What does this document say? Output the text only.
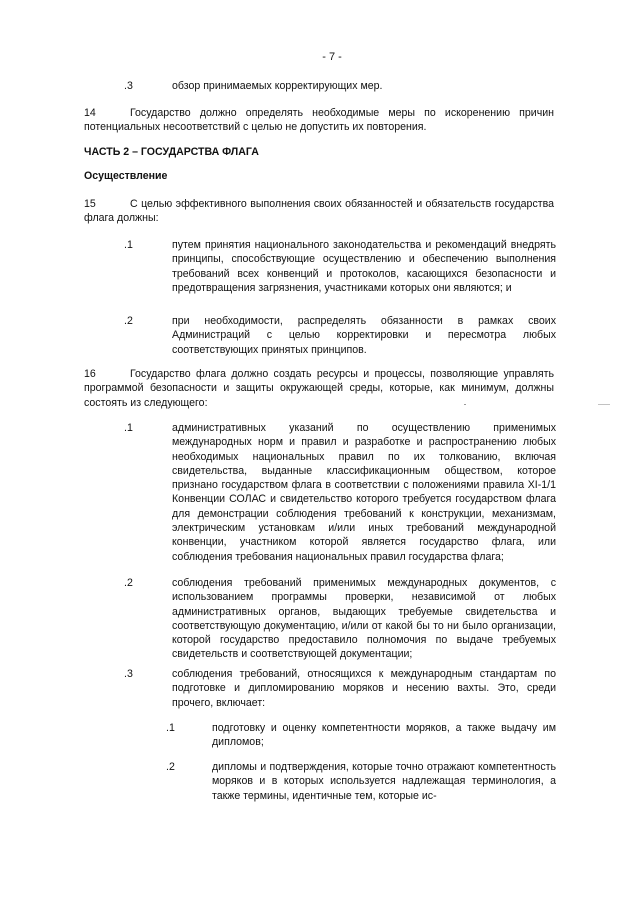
- 7 -
.3	обзор принимаемых корректирующих мер.
14	Государство должно определять необходимые меры по искоренению причин потенциальных несоответствий с целью не допустить их повторения.
ЧАСТЬ 2 – ГОСУДАРСТВА ФЛАГА
Осуществление
15	С целью эффективного выполнения своих обязанностей и обязательств государства флага должны:
.1	путем принятия национального законодательства и рекомендаций внедрять принципы, способствующие осуществлению и обеспечению выполнения требований всех конвенций и протоколов, касающихся безопасности и предотвращения загрязнения, участниками которых они являются; и
.2	при необходимости, распределять обязанности в рамках своих Администраций с целью корректировки и пересмотра любых соответствующих принятых принципов.
16	Государство флага должно создать ресурсы и процессы, позволяющие управлять программой безопасности и защиты окружающей среды, которые, как минимум, должны состоять из следующего:
.1	административных указаний по осуществлению применимых международных норм и правил и разработке и распространению любых необходимых национальных правил по их толкованию, включая свидетельства, выданные классификационным обществом, которое признано государством флага в соответствии с положениями правила XI-1/1 Конвенции СОЛАС и свидетельство которого требуется государством флага для демонстрации соблюдения требований к конструкции, механизмам, электрическим установкам и/или иных требований международной конвенции, участником которой является государство флага, или соблюдения требования национальных правил государства флага;
.2	соблюдения требований применимых международных документов, с использованием программы проверки, независимой от любых административных органов, выдающих требуемые свидетельства и соответствующую документацию, и/или от какой бы то ни было организации, которой государство предоставило полномочия по выдаче требуемых свидетельств и соответствующей документации;
.3	соблюдения требований, относящихся к международным стандартам по подготовке и дипломированию моряков и несению вахты. Это, среди прочего, включает:
.1	подготовку и оценку компетентности моряков, а также выдачу им дипломов;
.2	дипломы и подтверждения, которые точно отражают компетентность моряков и в которых используется надлежащая терминология, а также термины, идентичные тем, которые ис-
